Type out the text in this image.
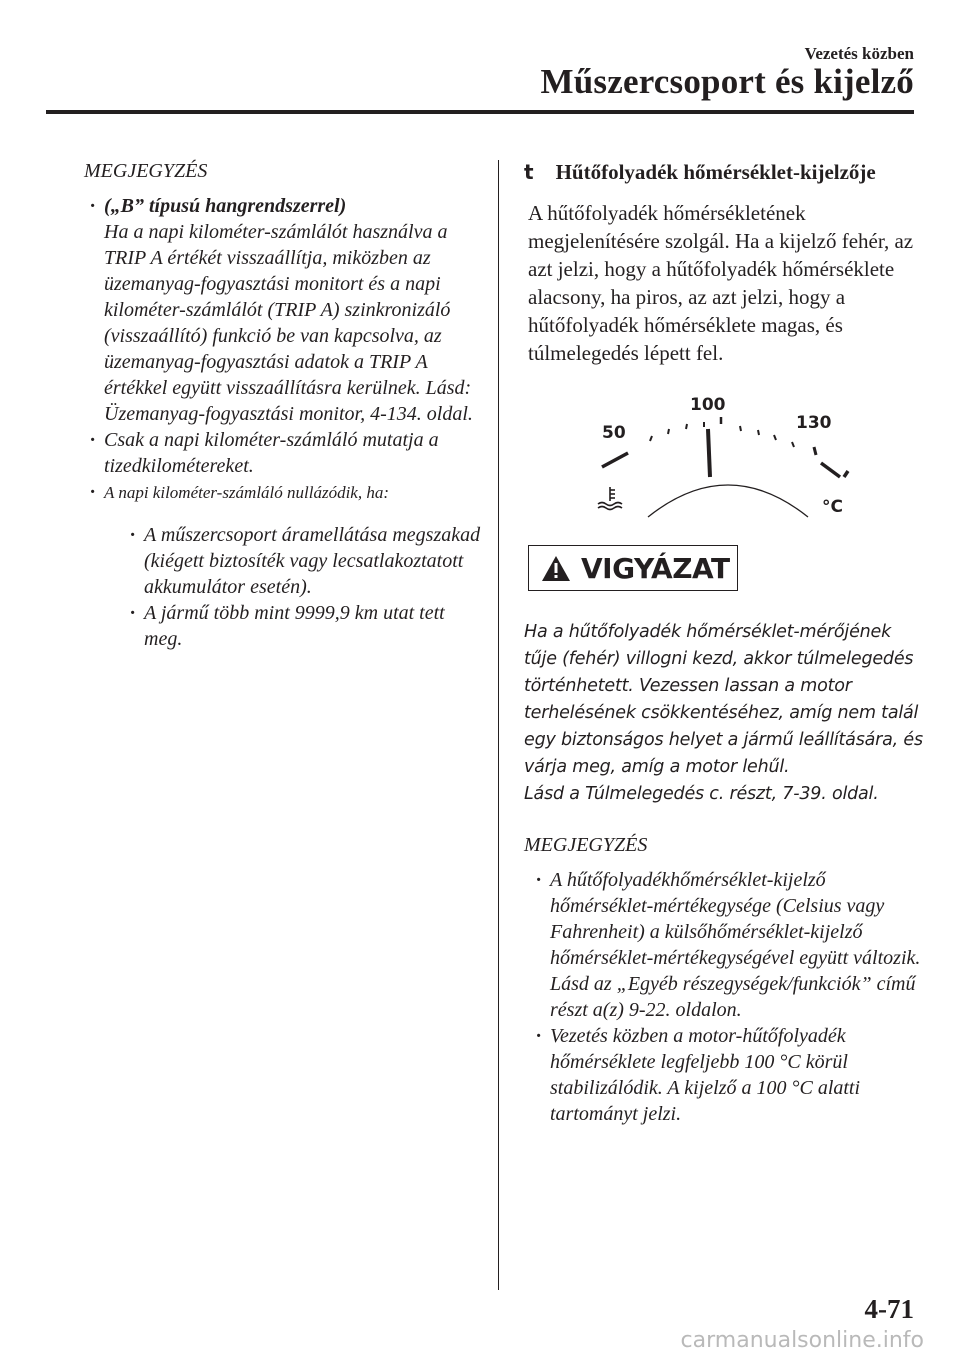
Vezetés közben
Műszercsoport és kijelző
MEGJEGYZÉS
· („B” típusú hangrendszerrel)
Ha a napi kilométer-számlálót használva a TRIP A értékét visszaállítja, miközben az üzemanyag-fogyasztási monitort és a napi kilométer-számlálót (TRIP A) szinkronizáló (visszaállító) funkció be van kapcsolva, az üzemanyag-fogyasztási adatok a TRIP A értékkel együtt visszaállításra kerülnek. Lásd: Üzemanyag-fogyasztási monitor, 4-134. oldal.
· Csak a napi kilométer-számláló mutatja a tizedkilométereket.
· A napi kilométer-számláló nullázódik, ha:
· A műszercsoport áramellátása megszakad (kiégett biztosíték vagy lecsatlakoztatott akkumulátor esetén).
· A jármű több mint 9999,9 km utat tett meg.
t Hűtőfolyadék hőmérséklet-kijelzője
A hűtőfolyadék hőmérsékletének megjelenítésére szolgál. Ha a kijelző fehér, az azt jelzi, hogy a hűtőfolyadék hőmérséklete alacsony, ha piros, az azt jelzi, hogy a hűtőfolyadék hőmérséklete magas, és túlmelegedés lépett fel.
50
100
130
°C
VIGYÁZAT
Ha a hűtőfolyadék hőmérséklet-mérőjének tűje (fehér) villogni kezd, akkor túlmelegedés történhetett. Vezessen lassan a motor terhelésének csökkentéséhez, amíg nem talál egy biztonságos helyet a jármű leállítására, és várja meg, amíg a motor lehűl.
Lásd a Túlmelegedés c. részt, 7-39. oldal.
MEGJEGYZÉS
· A hűtőfolyadékhőmérséklet-kijelző hőmérséklet-mértékegysége (Celsius vagy Fahrenheit) a külsőhőmérséklet-kijelző hőmérséklet-mértékegységével együtt változik.
Lásd az „Egyéb részegységek/funkciók” című részt a(z) 9-22. oldalon.
· Vezetés közben a motor-hűtőfolyadék hőmérséklete legfeljebb 100 °C körül stabilizálódik. A kijelző a 100 °C alatti tartományt jelzi.
4-71
carmanualsonline.info
